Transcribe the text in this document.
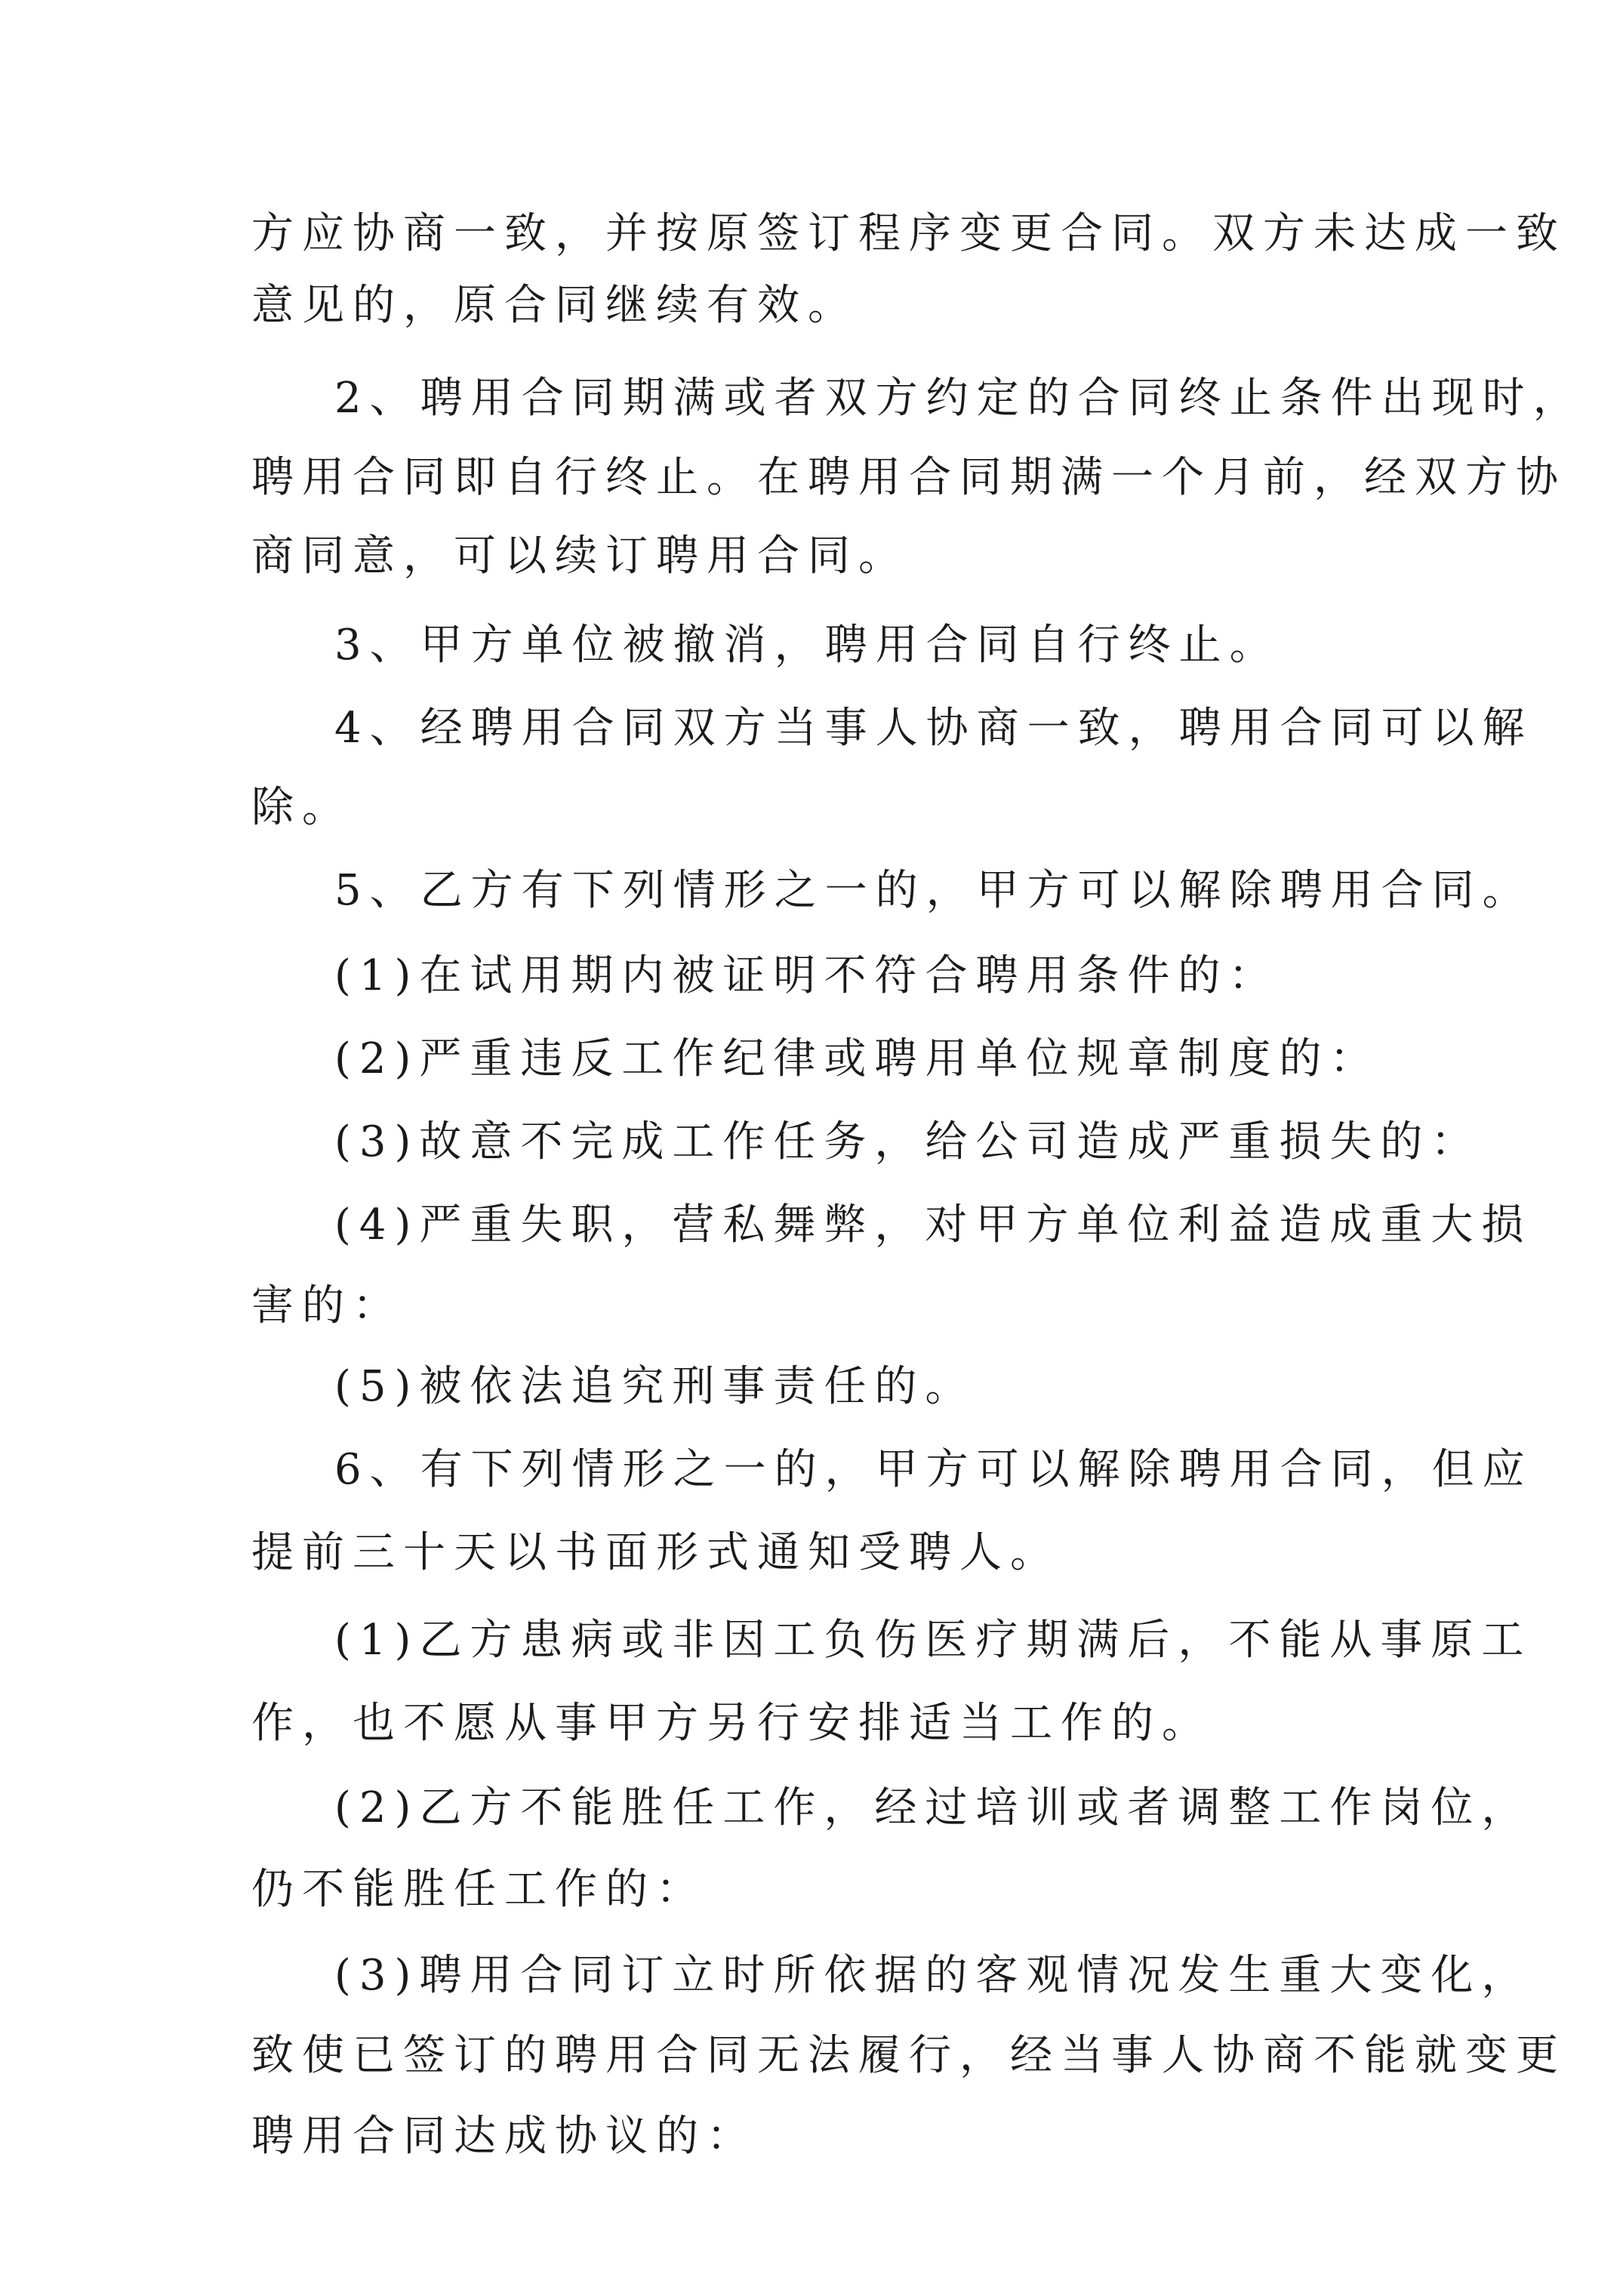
方应协商一致，并按原签订程序变更合同。双方未达成一致
意见的，原合同继续有效。
2、聘用合同期满或者双方约定的合同终止条件出现时，
聘用合同即自行终止。在聘用合同期满一个月前，经双方协
商同意，可以续订聘用合同。
3、甲方单位被撤消，聘用合同自行终止。
4、经聘用合同双方当事人协商一致，聘用合同可以解
除。
5、乙方有下列情形之一的，甲方可以解除聘用合同。
(1)在试用期内被证明不符合聘用条件的：
(2)严重违反工作纪律或聘用单位规章制度的：
(3)故意不完成工作任务，给公司造成严重损失的：
(4)严重失职，营私舞弊，对甲方单位利益造成重大损
害的：
(5)被依法追究刑事责任的。
6、有下列情形之一的，甲方可以解除聘用合同，但应
提前三十天以书面形式通知受聘人。
(1)乙方患病或非因工负伤医疗期满后，不能从事原工
作，也不愿从事甲方另行安排适当工作的。
(2)乙方不能胜任工作，经过培训或者调整工作岗位，
仍不能胜任工作的：
(3)聘用合同订立时所依据的客观情况发生重大变化，
致使已签订的聘用合同无法履行，经当事人协商不能就变更
聘用合同达成协议的：
